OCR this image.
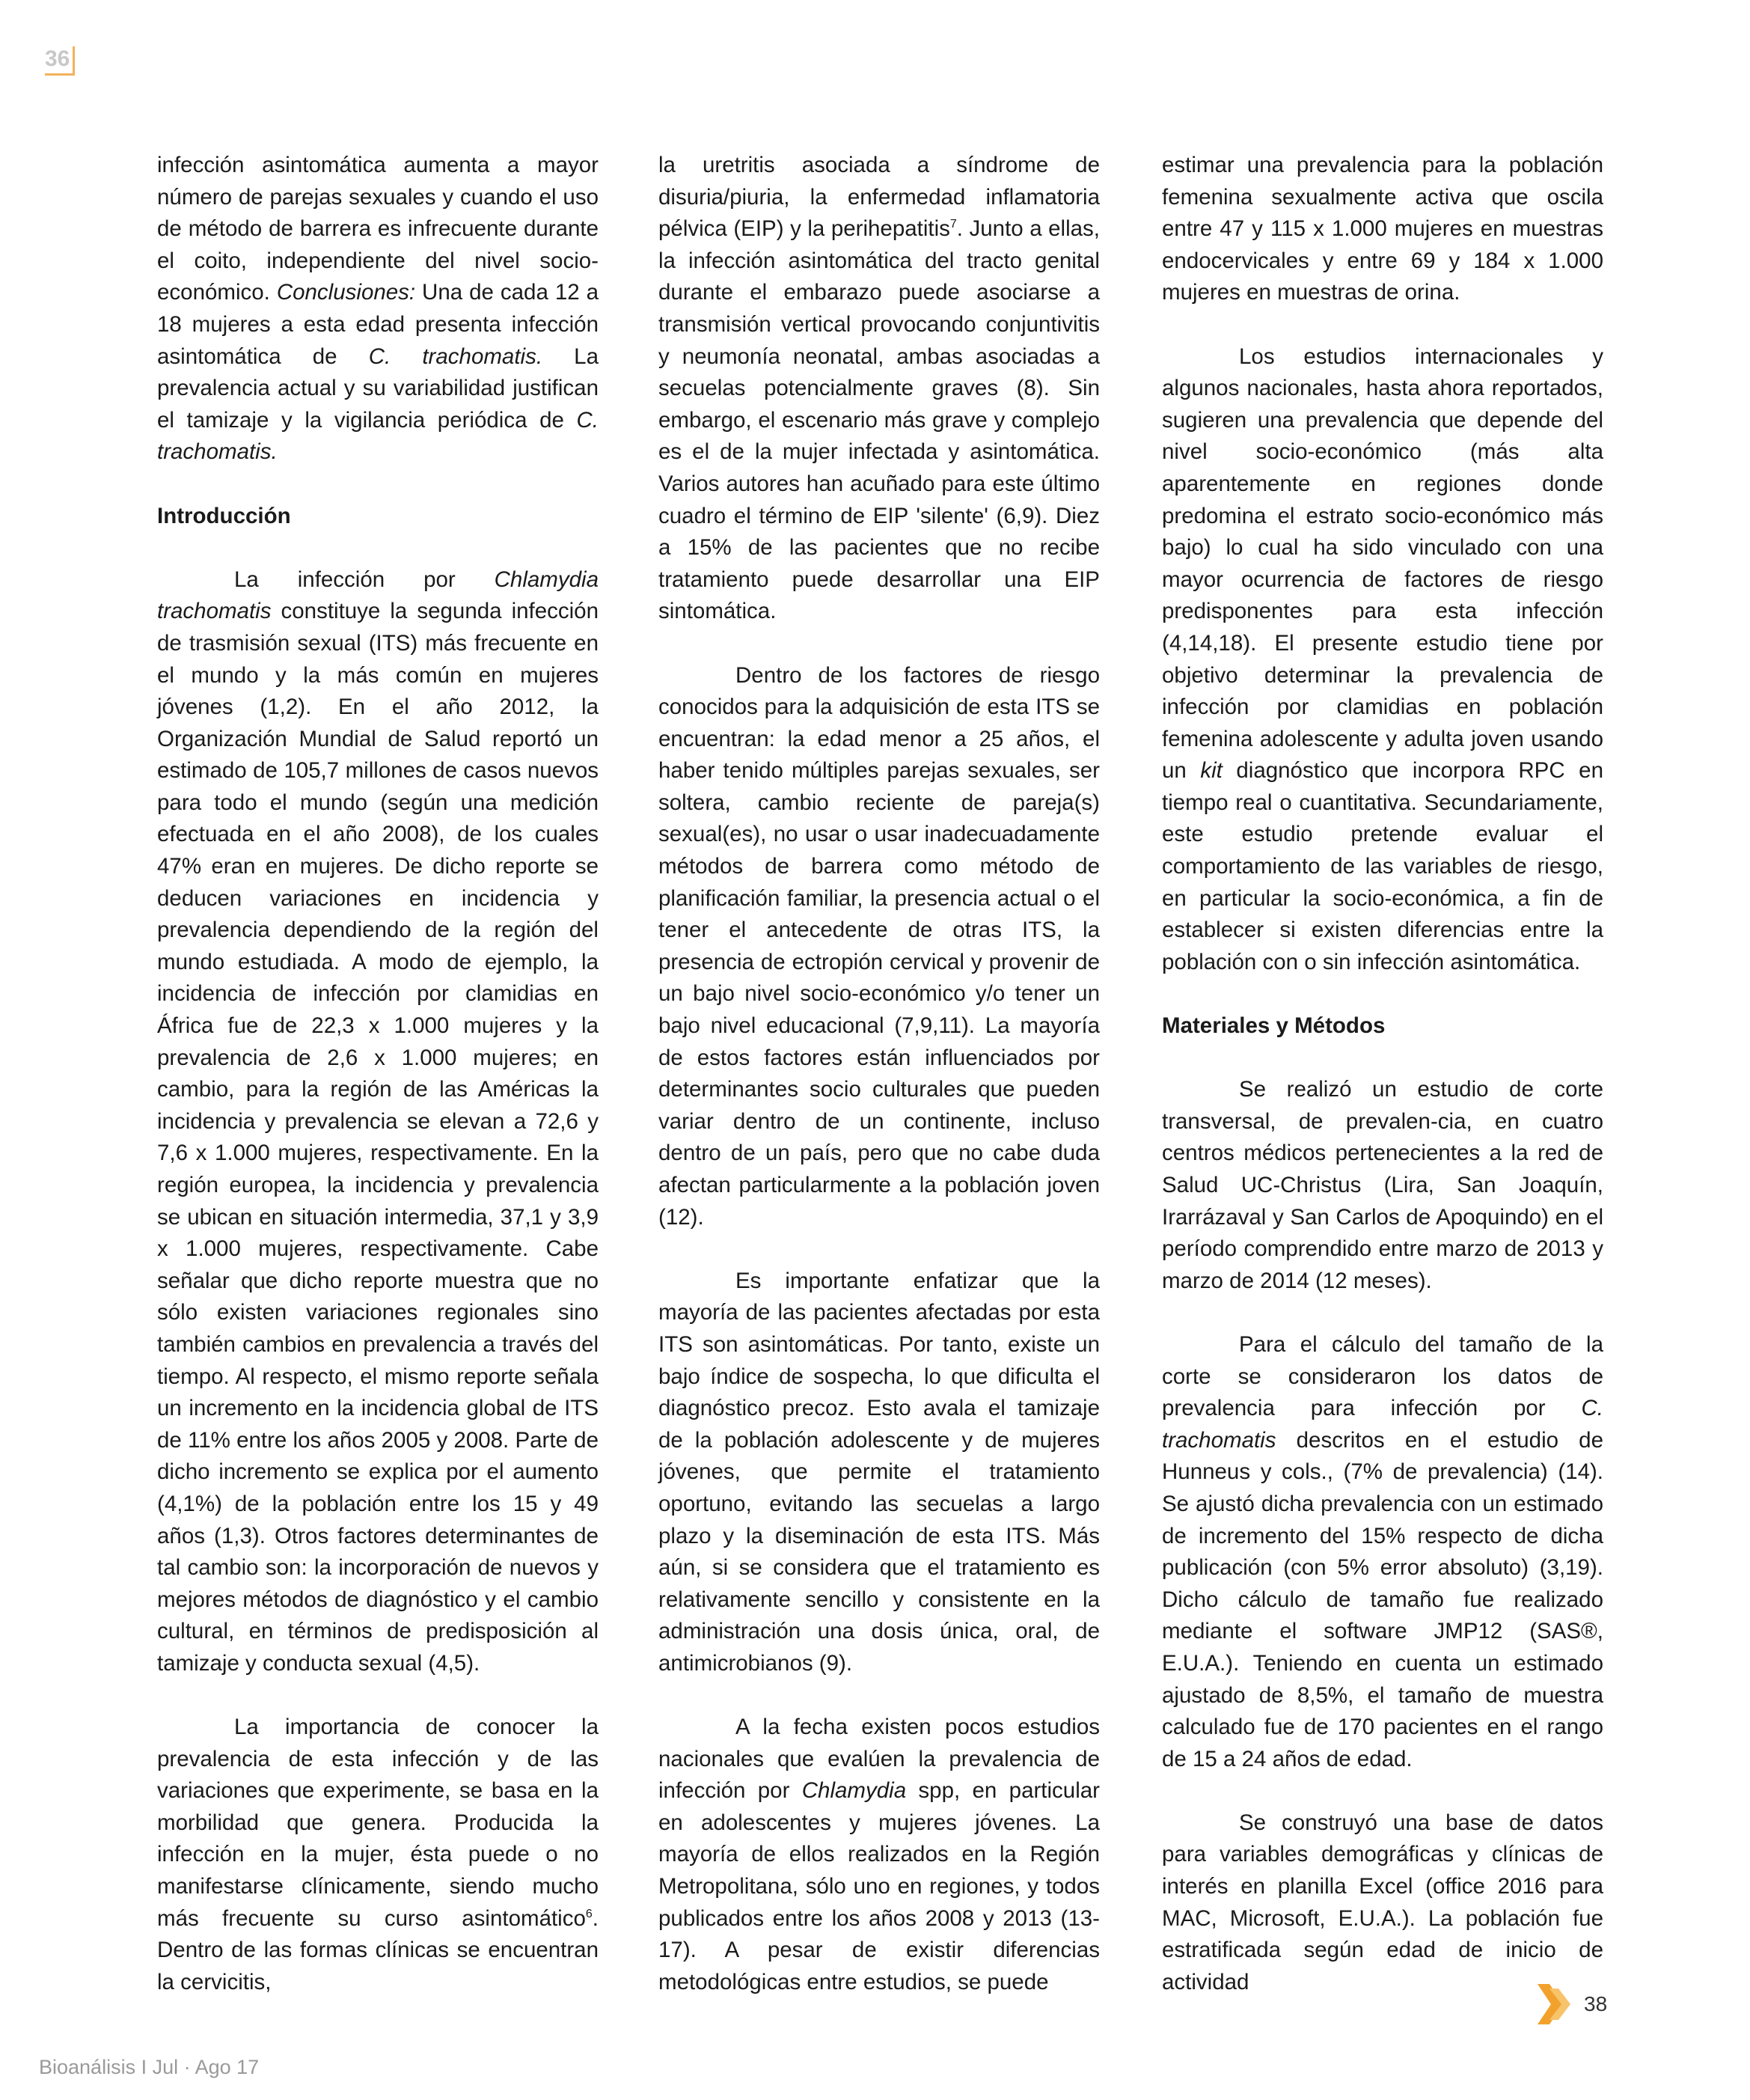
36

infección asintomática aumenta a mayor número de parejas sexuales y cuando el uso de método de barrera es infrecuente durante el coito, independiente del nivel socio-económico. Conclusiones: Una de cada 12 a 18 mujeres a esta edad presenta infección asintomática de C. trachomatis. La prevalencia actual y su variabilidad justifican el tamizaje y la vigilancia periódica de C. trachomatis.

Introducción

La infección por Chlamydia trachomatis constituye la segunda infección de trasmisión sexual (ITS) más frecuente en el mundo y la más común en mujeres jóvenes (1,2). En el año 2012, la Organización Mundial de Salud reportó un estimado de 105,7 millones de casos nuevos para todo el mundo (según una medición efectuada en el año 2008), de los cuales 47% eran en mujeres. De dicho reporte se deducen variaciones en incidencia y prevalencia dependiendo de la región del mundo estudiada. A modo de ejemplo, la incidencia de infección por clamidias en África fue de 22,3 x 1.000 mujeres y la prevalencia de 2,6 x 1.000 mujeres; en cambio, para la región de las Américas la incidencia y prevalencia se elevan a 72,6 y 7,6 x 1.000 mujeres, respectivamente. En la región europea, la incidencia y prevalencia se ubican en situación intermedia, 37,1 y 3,9 x 1.000 mujeres, respectivamente. Cabe señalar que dicho reporte muestra que no sólo existen variaciones regionales sino también cambios en prevalencia a través del tiempo. Al respecto, el mismo reporte señala un incremento en la incidencia global de ITS de 11% entre los años 2005 y 2008. Parte de dicho incremento se explica por el aumento (4,1%) de la población entre los 15 y 49 años (1,3). Otros factores determinantes de tal cambio son: la incorporación de nuevos y mejores métodos de diagnóstico y el cambio cultural, en términos de predisposición al tamizaje y conducta sexual (4,5).

La importancia de conocer la prevalencia de esta infección y de las variaciones que experimente, se basa en la morbilidad que genera. Producida la infección en la mujer, ésta puede o no manifestarse clínicamente, siendo mucho más frecuente su curso asintomático$^6$. Dentro de las formas clínicas se encuentran la cervicitis,

la uretritis asociada a síndrome de disuria/piuria, la enfermedad inflamatoria pélvica (EIP) y la perihepatitis$^7$. Junto a ellas, la infección asintomática del tracto genital durante el embarazo puede asociarse a transmisión vertical provocando conjuntivitis y neumonía neonatal, ambas asociadas a secuelas potencialmente graves (8). Sin embargo, el escenario más grave y complejo es el de la mujer infectada y asintomática. Varios autores han acuñado para este último cuadro el término de EIP 'silente' (6,9). Diez a 15% de las pacientes que no recibe tratamiento puede desarrollar una EIP sintomática.

Dentro de los factores de riesgo conocidos para la adquisición de esta ITS se encuentran: la edad menor a 25 años, el haber tenido múltiples parejas sexuales, ser soltera, cambio reciente de pareja(s) sexual(es), no usar o usar inadecuadamente métodos de barrera como método de planificación familiar, la presencia actual o el tener el antecedente de otras ITS, la presencia de ectropión cervical y provenir de un bajo nivel socio-económico y/o tener un bajo nivel educacional (7,9,11). La mayoría de estos factores están influenciados por determinantes socio culturales que pueden variar dentro de un continente, incluso dentro de un país, pero que no cabe duda afectan particularmente a la población joven (12).

Es importante enfatizar que la mayoría de las pacientes afectadas por esta ITS son asintomáticas. Por tanto, existe un bajo índice de sospecha, lo que dificulta el diagnóstico precoz. Esto avala el tamizaje de la población adolescente y de mujeres jóvenes, que permite el tratamiento oportuno, evitando las secuelas a largo plazo y la diseminación de esta ITS. Más aún, si se considera que el tratamiento es relativamente sencillo y consistente en la administración una dosis única, oral, de antimicrobianos (9).

A la fecha existen pocos estudios nacionales que evalúen la prevalencia de infección por Chlamydia spp, en particular en adolescentes y mujeres jóvenes. La mayoría de ellos realizados en la Región Metropolitana, sólo uno en regiones, y todos publicados entre los años 2008 y 2013 (13-17). A pesar de existir diferencias metodológicas entre estudios, se puede

estimar una prevalencia para la población femenina sexualmente activa que oscila entre 47 y 115 x 1.000 mujeres en muestras endocervicales y entre 69 y 184 x 1.000 mujeres en muestras de orina.

Los estudios internacionales y algunos nacionales, hasta ahora reportados, sugieren una prevalencia que depende del nivel socio-económico (más alta aparentemente en regiones donde predomina el estrato socio-económico más bajo) lo cual ha sido vinculado con una mayor ocurrencia de factores de riesgo predisponentes para esta infección (4,14,18). El presente estudio tiene por objetivo determinar la prevalencia de infección por clamidias en población femenina adolescente y adulta joven usando un kit diagnóstico que incorpora RPC en tiempo real o cuantitativa. Secundariamente, este estudio pretende evaluar el comportamiento de las variables de riesgo, en particular la socio-económica, a fin de establecer si existen diferencias entre la población con o sin infección asintomática.

Materiales y Métodos

Se realizó un estudio de corte transversal, de prevalen-cia, en cuatro centros médicos pertenecientes a la red de Salud UC-Christus (Lira, San Joaquín, Irarrázaval y San Carlos de Apoquindo) en el período comprendido entre marzo de 2013 y marzo de 2014 (12 meses).

Para el cálculo del tamaño de la corte se consideraron los datos de prevalencia para infección por C. trachomatis descritos en el estudio de Hunneus y cols., (7% de prevalencia) (14). Se ajustó dicha prevalencia con un estimado de incremento del 15% respecto de dicha publicación (con 5% error absoluto) (3,19). Dicho cálculo de tamaño fue realizado mediante el software JMP12 (SAS®, E.U.A.). Teniendo en cuenta un estimado ajustado de 8,5%, el tamaño de muestra calculado fue de 170 pacientes en el rango de 15 a 24 años de edad.

Se construyó una base de datos para variables demográficas y clínicas de interés en planilla Excel (office 2016 para MAC, Microsoft, E.U.A.). La población fue estratificada según edad de inicio de actividad

38
Bioanálisis I Jul · Ago 17
